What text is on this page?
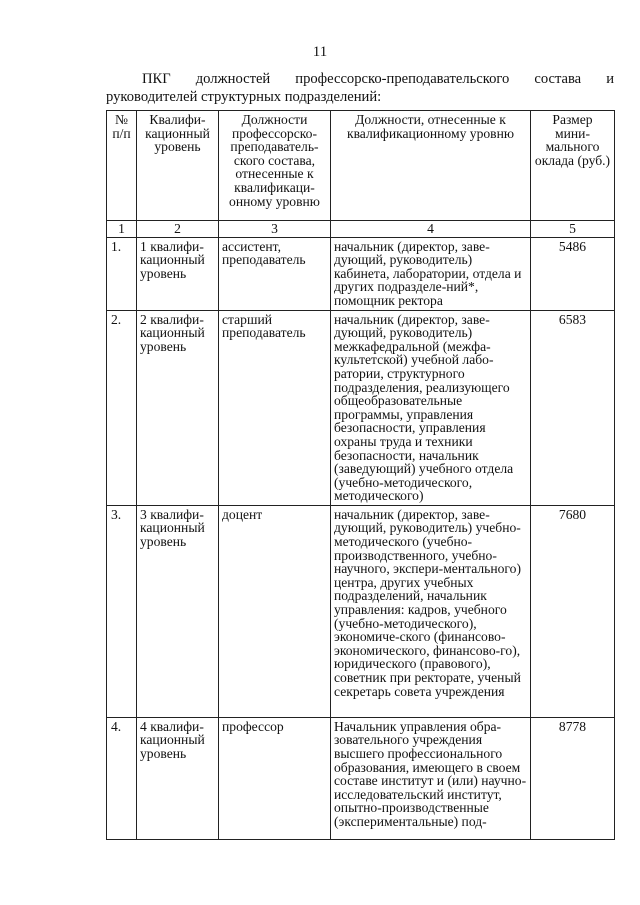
11
ПКГ должностей профессорско-преподавательского состава и руководителей структурных подразделений:
№ п/п	Квалифи-кационный уровень	Должности профессорско-преподаватель-ского состава, отнесенные к квалификаци-онному уровню	Должности, отнесенные к квалификационному уровню	Размер мини-мального оклада (руб.)
1	2	3	4	5
1.	1 квалифи-кационный уровень	ассистент, преподаватель	начальник (директор, заве-дующий, руководитель) кабинета, лаборатории, отдела и других подразделе-ний*, помощник ректора	5486
2.	2 квалифи-кационный уровень	старший преподаватель	начальник (директор, заве-дующий, руководитель) межкафедральной (межфа-культетской) учебной лабо-ратории, структурного подразделения, реализующего общеобразовательные программы, управления безопасности, управления охраны труда и техники безопасности, начальник (заведующий) учебного отдела (учебно-методического, методического)	6583
3.	3 квалифи-кационный уровень	доцент	начальник (директор, заве-дующий, руководитель) учебно-методического (учебно-производственного, учебно-научного, экспери-ментального) центра, других учебных подразделений, начальник управления: кадров, учебного (учебно-методического), экономиче-ского (финансово-экономического, финансово-го), юридического (правового), советник при ректорате, ученый секретарь совета учреждения	7680
4.	4 квалифи-кационный уровень	профессор	Начальник управления обра-зовательного учреждения высшего профессионального образования, имеющего в своем составе институт и (или) научно-исследовательский институт, опытно-производственные (экспериментальные) под-	8778
